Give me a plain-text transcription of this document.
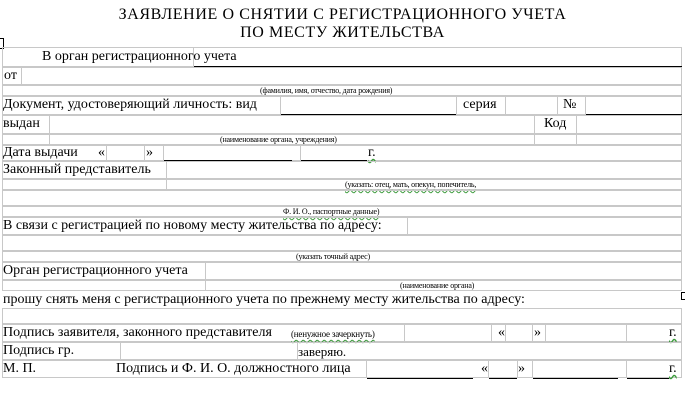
ЗАЯВЛЕНИЕ О СНЯТИИ С РЕГИСТРАЦИОННОГО УЧЕТА
ПО МЕСТУ ЖИТЕЛЬСТВА
В орган регистрационного учета
от
(фамилия, имя, отчество, дата рождения)
Документ, удостоверяющий личность: вид	серия	№
выдан	Код
(наименование органа, учреждения)
Дата выдачи «	»	г.
Законный представитель
(указать: отец, мать, опекун, попечитель,
Ф. И. О., паспортные данные)
В связи с регистрацией по новому месту жительства по адресу:
(указать точный адрес)
Орган регистрационного учета
(наименование органа)
прошу снять меня с регистрационного учета по прежнему месту жительства по адресу:
Подпись заявителя, законного представителя (ненужное зачеркнуть)	« »	г.
Подпись гр.	заверяю.
М. П.	Подпись и Ф. И. О. должностного лица	« »	г.
